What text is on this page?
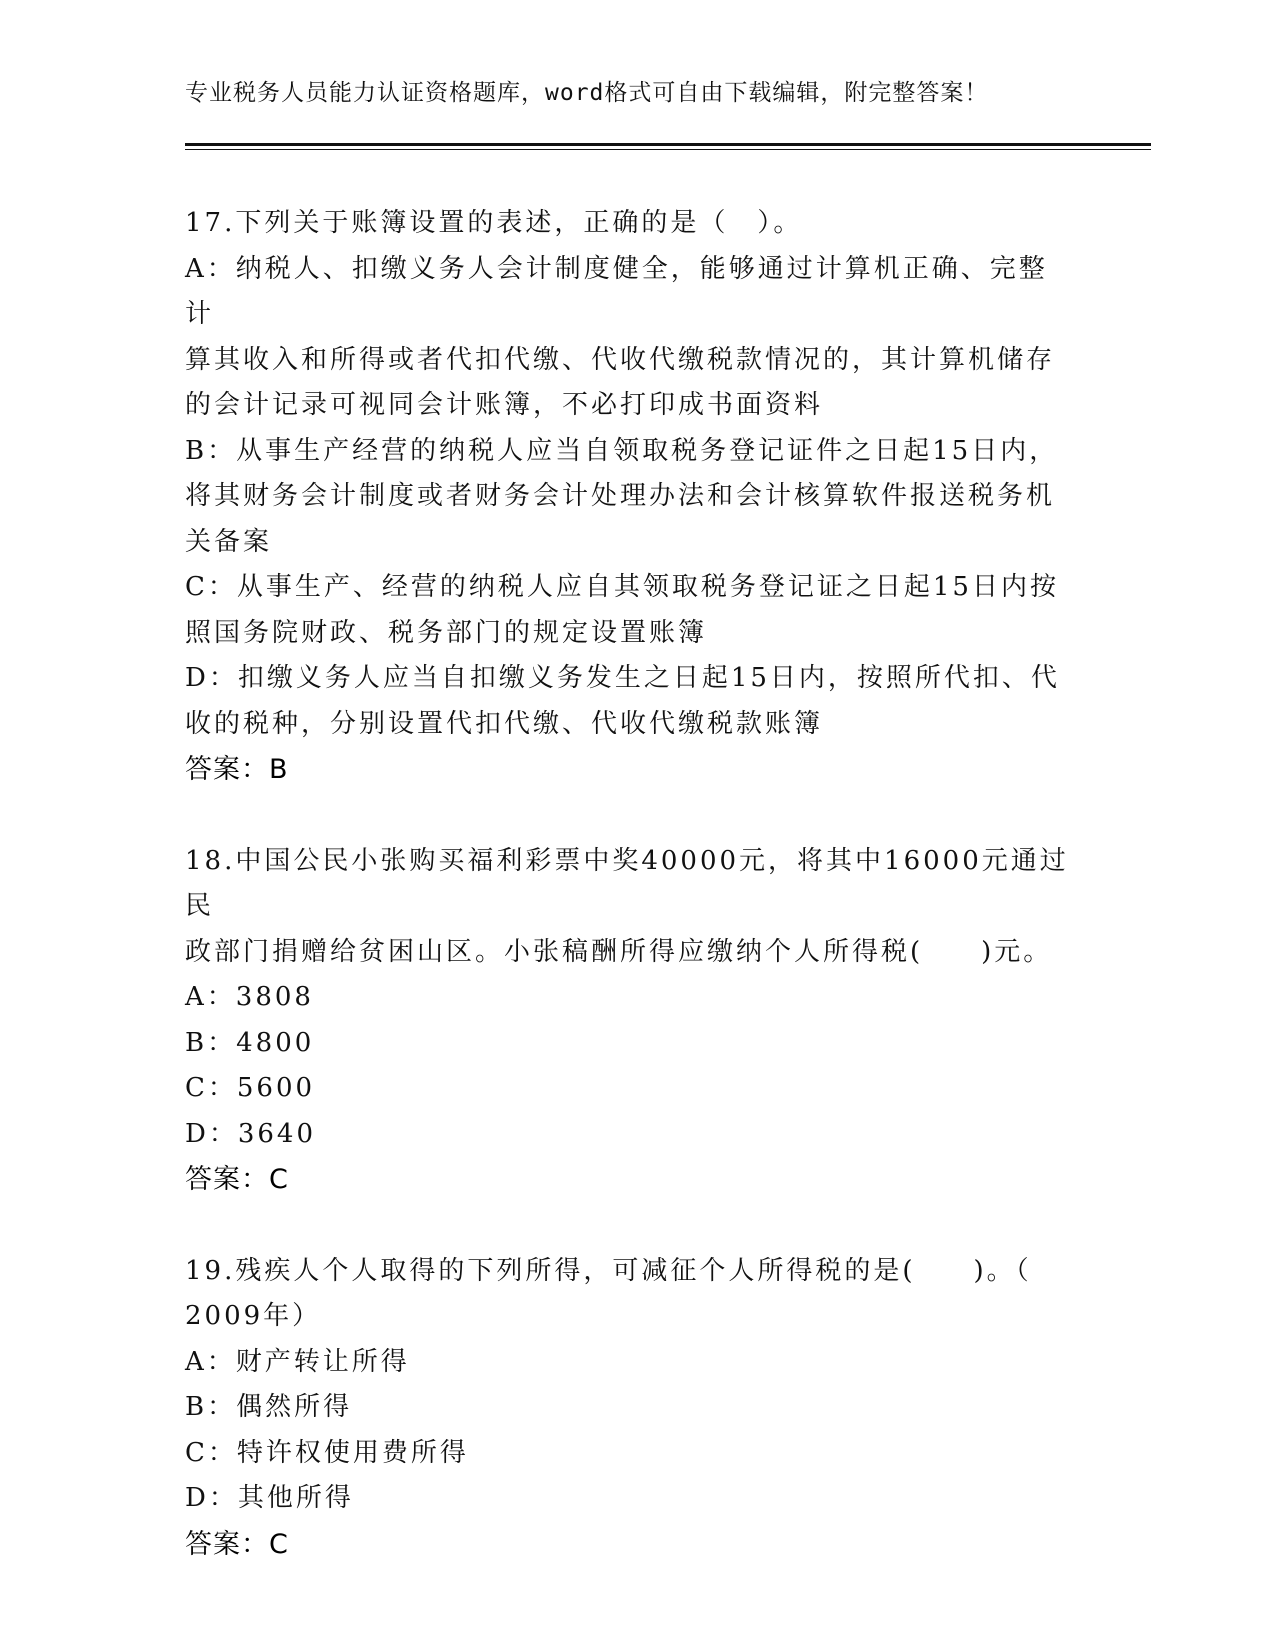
专业税务人员能力认证资格题库，word格式可自由下载编辑，附完整答案！
17.下列关于账簿设置的表述，正确的是（　）。
A：纳税人、扣缴义务人会计制度健全，能够通过计算机正确、完整计
算其收入和所得或者代扣代缴、代收代缴税款情况的，其计算机储存
的会计记录可视同会计账簿，不必打印成书面资料
B：从事生产经营的纳税人应当自领取税务登记证件之日起15日内，
将其财务会计制度或者财务会计处理办法和会计核算软件报送税务机
关备案
C：从事生产、经营的纳税人应自其领取税务登记证之日起15日内按
照国务院财政、税务部门的规定设置账簿
D：扣缴义务人应当自扣缴义务发生之日起15日内，按照所代扣、代
收的税种，分别设置代扣代缴、代收代缴税款账簿
答案：B
18.中国公民小张购买福利彩票中奖40000元，将其中16000元通过民
政部门捐赠给贫困山区。小张稿酬所得应缴纳个人所得税(　　)元。
A：3808
B：4800
C：5600
D：3640
答案：C
19.残疾人个人取得的下列所得，可减征个人所得税的是(　　)。（
2009年）
A：财产转让所得
B：偶然所得
C：特许权使用费所得
D：其他所得
答案：C
